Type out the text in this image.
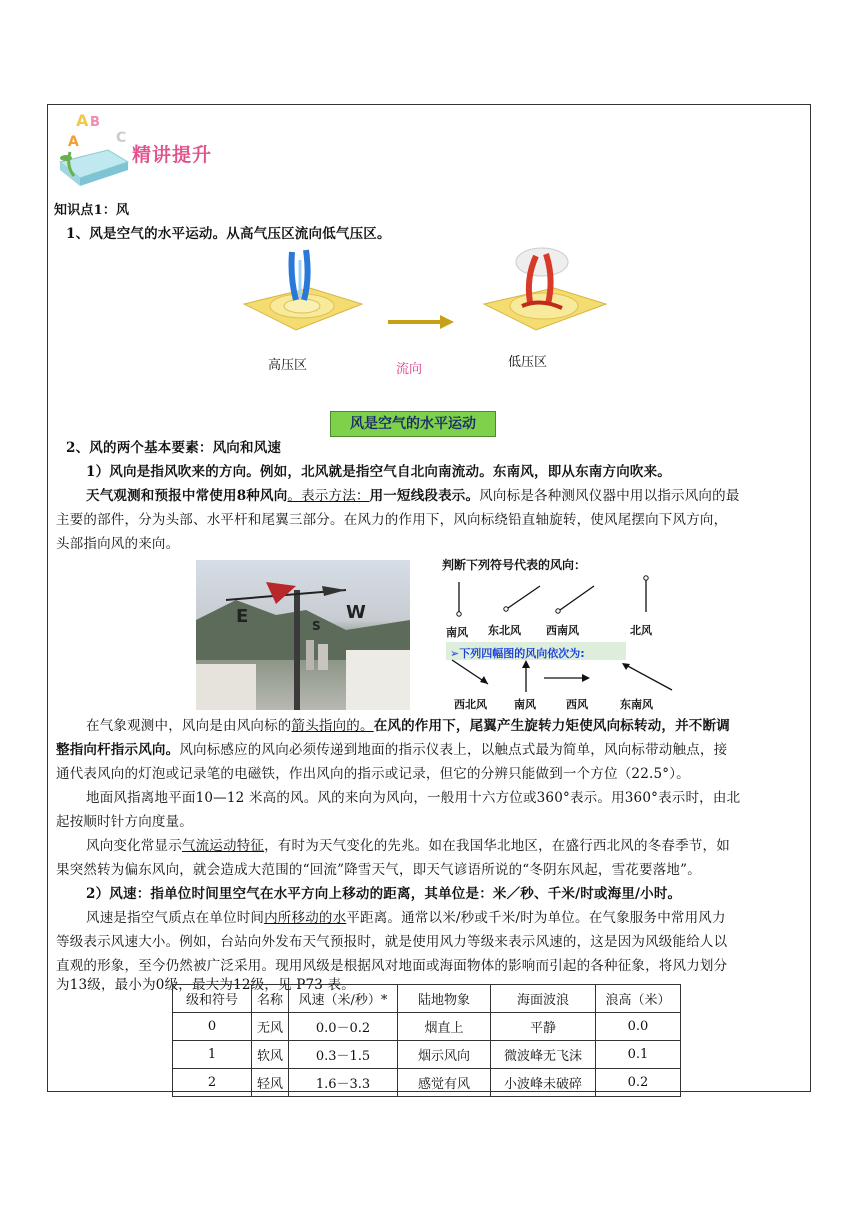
A B
C
A
精讲提升
知识点1：风
1、风是空气的水平运动。从高气压区流向低气压区。
高压区	流向	低压区
风是空气的水平运动
2、风的两个基本要素：风向和风速
1）风向是指风吹来的方向。例如，北风就是指空气自北向南流动。东南风，即从东南方向吹来。
天气观测和预报中常使用8种风向。表示方法：用一短线段表示。风向标是各种测风仪器中用以指示风向的最
主要的部件，分为头部、水平杆和尾翼三部分。在风力的作用下，风向标绕铅直轴旋转，使风尾摆向下风方向，
头部指向风的来向。
E	W
S
判断下列符号代表的风向：
南风 东北风 西南风	北风
➢下列四幅图的风向依次为:
西北风 南风	西风	东南风
在气象观测中，风向是由风向标的箭头指向的。在风的作用下，尾翼产生旋转力矩使风向标转动，并不断调
整指向杆指示风向。风向标感应的风向必须传递到地面的指示仪表上，以触点式最为简单，风向标带动触点，接
通代表风向的灯泡或记录笔的电磁铁，作出风向的指示或记录，但它的分辨只能做到一个方位（22.5°）。
地面风指离地平面10—12 米高的风。风的来向为风向，一般用十六方位或360°表示。用360°表示时，由北
起按顺时针方向度量。
风向变化常显示气流运动特征，有时为天气变化的先兆。如在我国华北地区，在盛行西北风的冬春季节，如
果突然转为偏东风向，就会造成大范围的“回流”降雪天气，即天气谚语所说的“冬阴东风起，雪花要落地”。
2）风速：指单位时间里空气在水平方向上移动的距离，其单位是：米／秒、千米/时或海里/小时。
风速是指空气质点在单位时间内所移动的水平距离。通常以米/秒或千米/时为单位。在气象服务中常用风力
等级表示风速大小。例如，台站向外发布天气预报时，就是使用风力等级来表示风速的，这是因为风级能给人以
直观的形象，至今仍然被广泛采用。现用风级是根据风对地面或海面物体的影响而引起的各种征象，将风力划分
为13级，最小为0级，最大为12级，见 P73 表。
级和符号	名称	风速（米/秒）*	陆地物象	海面波浪	浪高（米）
0	无风	0.0－0.2	烟直上	平静	0.0
1	软风	0.3－1.5	烟示风向	微波峰无飞沫	0.1
2	轻风	1.6－3.3	感觉有风	小波峰未破碎	0.2
